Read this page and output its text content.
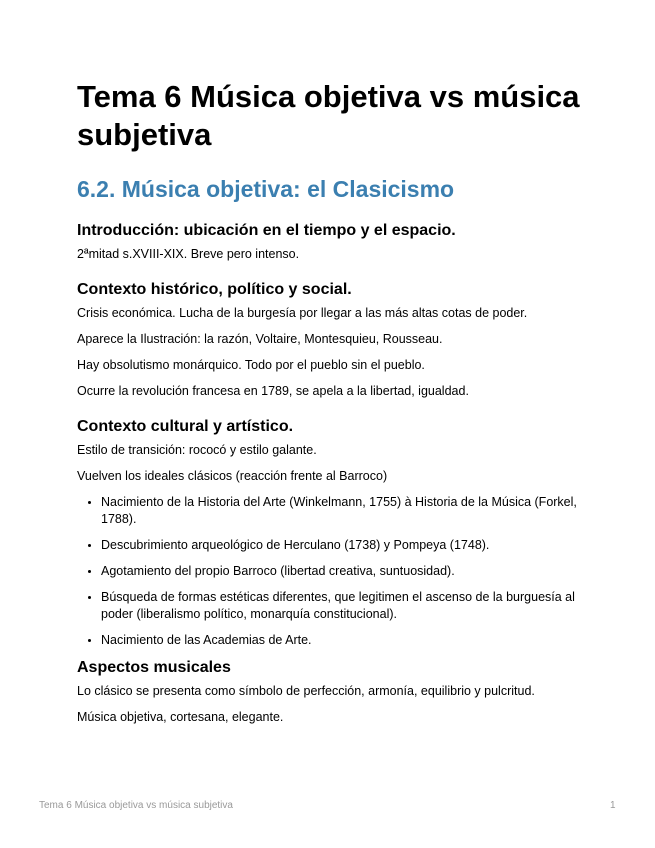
Tema 6 Música objetiva vs música subjetiva
6.2. Música objetiva: el Clasicismo
Introducción: ubicación en el tiempo y el espacio.

2ªmitad s.XVIII-XIX. Breve pero intenso.

Contexto histórico, político y social.

Crisis económica. Lucha de la burgesía por llegar a las más altas cotas de poder.

Aparece la Ilustración: la razón, Voltaire, Montesquieu, Rousseau.

Hay obsolutismo monárquico. Todo por el pueblo sin el pueblo.

Ocurre la revolución francesa en 1789, se apela a la libertad, igualdad.

Contexto cultural y artístico.

Estilo de transición: rococó y estilo galante.

Vuelven los ideales clásicos (reacción frente al Barroco)

• Nacimiento de la Historia del Arte (Winkelmann, 1755) à Historia de la Música (Forkel, 1788).
• Descubrimiento arqueológico de Herculano (1738) y Pompeya (1748).
• Agotamiento del propio Barroco (libertad creativa, suntuosidad).
• Búsqueda de formas estéticas diferentes, que legitimen el ascenso de la burguesía al poder (liberalismo político, monarquía constitucional).
• Nacimiento de las Academias de Arte.
Aspectos musicales

Lo clásico se presenta como símbolo de perfección, armonía, equilibrio y pulcritud.

Música objetiva, cortesana, elegante.

Tema 6 Música objetiva vs música subjetiva	1
